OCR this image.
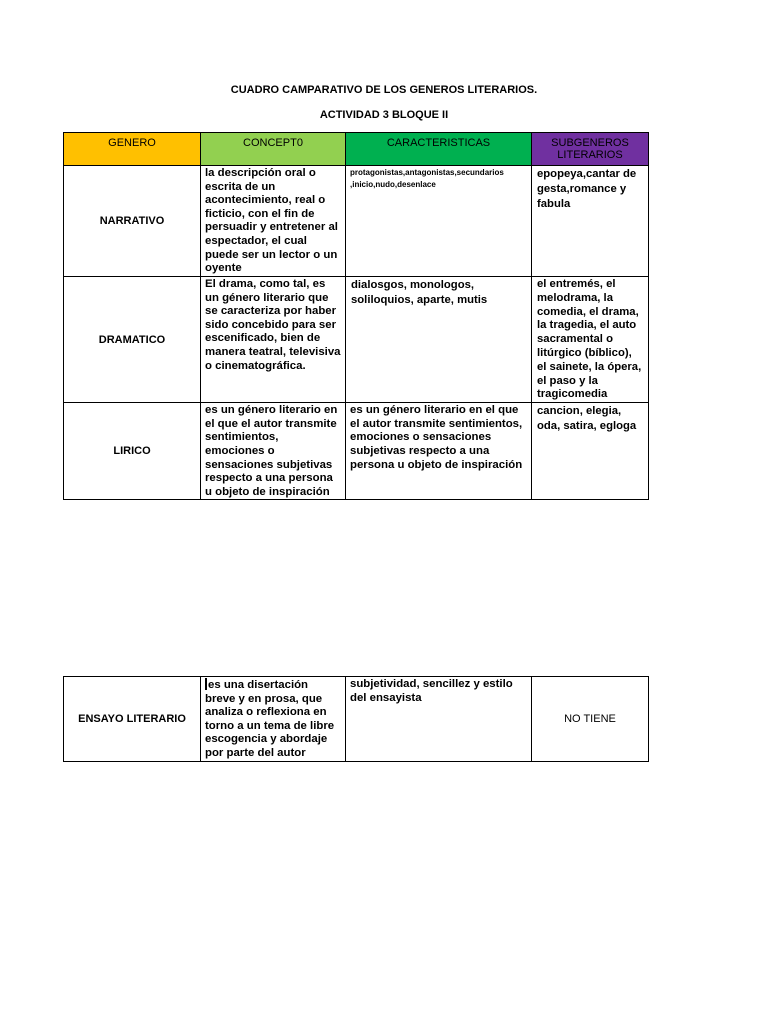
CUADRO CAMPARATIVO DE LOS GENEROS LITERARIOS.
ACTIVIDAD 3 BLOQUE II
GENERO	CONCEPT0	CARACTERISTICAS	SUBGENEROS LITERARIOS
NARRATIVO	la descripción oral o escrita de un acontecimiento, real o ficticio, con el fin de persuadir y entretener al espectador, el cual puede ser un lector o un oyente	protagonistas,antagonistas,secundarios ,inicio,nudo,desenlace	epopeya,cantar de gesta,romance y fabula
DRAMATICO	El drama, como tal, es un género literario que se caracteriza por haber sido concebido para ser escenificado, bien de manera teatral, televisiva o cinematográfica.	dialosgos, monologos, soliloquios, aparte, mutis	el entremés, el melodrama, la comedia, el drama, la tragedia, el auto sacramental o litúrgico (bíblico), el sainete, la ópera, el paso y la tragicomedia
LIRICO	es un género literario en el que el autor transmite sentimientos, emociones o sensaciones subjetivas respecto a una persona u objeto de inspiración	es un género literario en el que el autor transmite sentimientos, emociones o sensaciones subjetivas respecto a una persona u objeto de inspiración	cancion, elegia, oda, satira, egloga
ENSAYO LITERARIO	es una disertación breve y en prosa, que analiza o reflexiona en torno a un tema de libre escogencia y abordaje por parte del autor	subjetividad, sencillez y estilo del ensayista	NO TIENE
